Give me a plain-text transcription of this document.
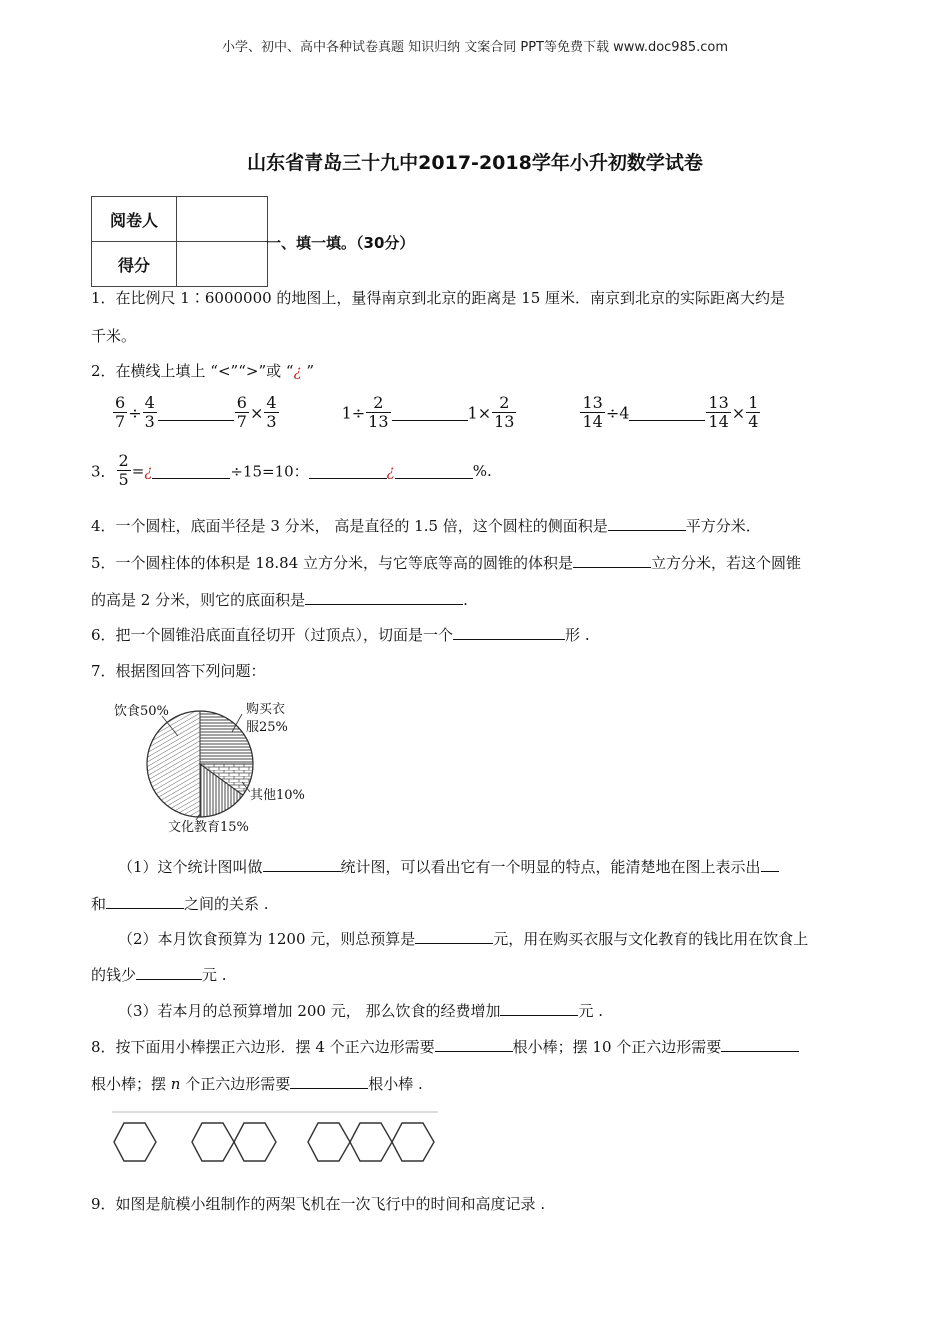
小学、初中、高中各种试卷真题 知识归纳 文案合同 PPT等免费下载 www.doc985.com
山东省青岛三十九中2017-2018学年小升初数学试卷
阅卷人	
得分	
一、填一填。（30分）
1．在比例尺 1∶6000000 的地图上，量得南京到北京的距离是 15 厘米．南京到北京的实际距离大约是
千米。
2．在横线上填上 “<”“>”或 “¿ ”
$\frac{6}{7} \div \frac{4}{3}$	$\frac{6}{7} \times \frac{4}{3}$	$1\div \frac{2}{13}$	$1\times \frac{2}{13}$	$\frac{13}{14} \div 4$	$\frac{13}{14} \times \frac{1}{4}$
3． $\frac{2}{5}$ =¿	÷15=10：	¿	%.
4．一个圆柱，底面半径是 3 分米， 高是直径的 1.5 倍，这个圆柱的侧面积是	平方分米．
5．一个圆柱体的体积是 18.84 立方分米，与它等底等高的圆锥的体积是	立方分米，若这个圆锥
的高是 2 分米，则它的底面积是	.
6．把一个圆锥沿底面直径切开（过顶点），切面是一个	形 .
7．根据图回答下列问题：
饮食50%	购买衣
服25%
其他10%
文化教育15%
（1）这个统计图叫做	统计图，可以看出它有一个明显的特点，能清楚地在图上表示出
和	之间的关系 .
（2）本月饮食预算为 1200 元，则总预算是	元，用在购买衣服与文化教育的钱比用在饮食上
的钱少	元 .
（3）若本月的总预算增加 200 元， 那么饮食的经费增加	元 .
8．按下面用小棒摆正六边形．摆 4 个正六边形需要	根小棒；摆 10 个正六边形需要
根小棒；摆 n 个正六边形需要	根小棒 .
9．如图是航模小组制作的两架飞机在一次飞行中的时间和高度记录 .
